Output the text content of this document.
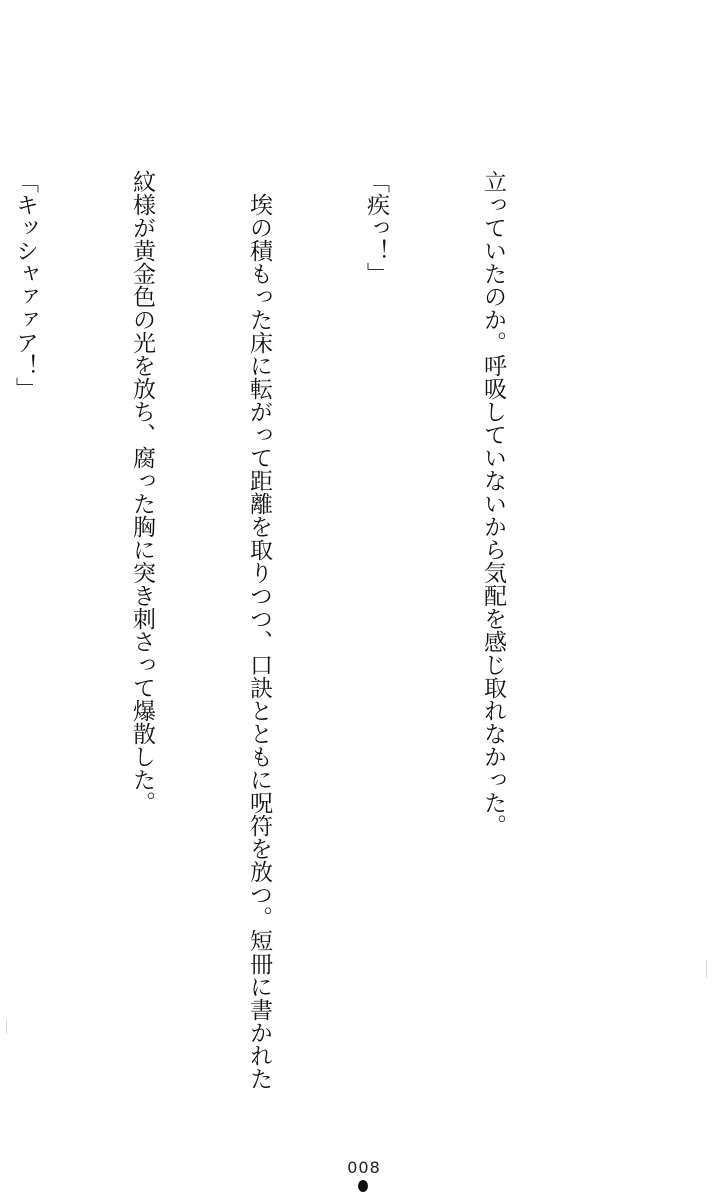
立っていたのか。呼吸していないから気配を感じ取れなかった。

「疾っ！」

　埃の積もった床に転がって距離を取りつつ、口訣とともに呪符を放つ。短冊に書かれた

紋様が黄金色の光を放ち、腐った胸に突き刺さって爆散した。

「キッシャァァア！」

008
